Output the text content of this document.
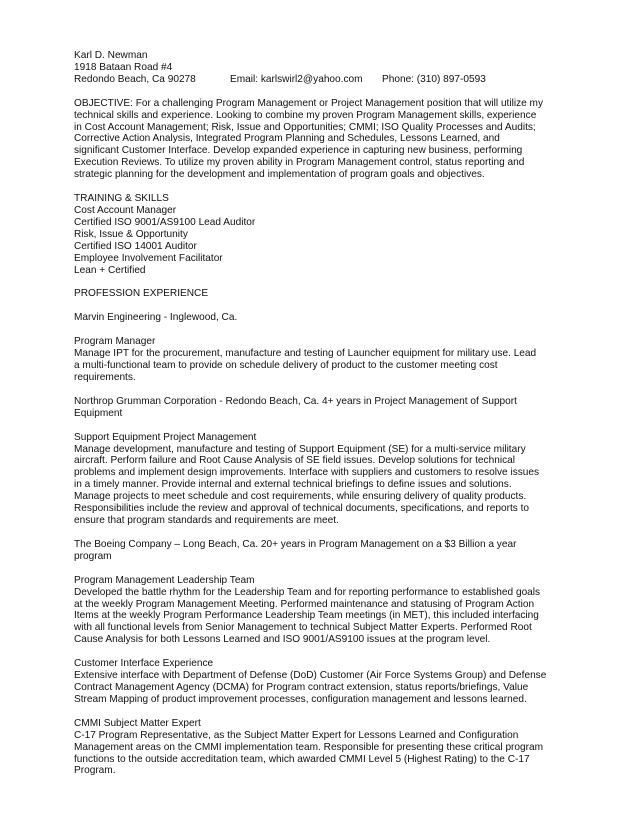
Karl D. Newman
1918 Bataan Road #4
Redondo Beach, Ca 90278	Email: karlswirl2@yahoo.com	Phone: (310) 897-0593
OBJECTIVE: For a challenging Program Management or Project Management position that will utilize my
technical skills and experience. Looking to combine my proven Program Management skills, experience
in Cost Account Management; Risk, Issue and Opportunities; CMMI; ISO Quality Processes and Audits;
Corrective Action Analysis, Integrated Program Planning and Schedules, Lessons Learned, and
significant Customer Interface. Develop expanded experience in capturing new business, performing
Execution Reviews. To utilize my proven ability in Program Management control, status reporting and
strategic planning for the development and implementation of program goals and objectives.
TRAINING & SKILLS
Cost Account Manager
Certified ISO 9001/AS9100 Lead Auditor
Risk, Issue & Opportunity
Certified ISO 14001 Auditor
Employee Involvement Facilitator
Lean + Certified
PROFESSION EXPERIENCE
Marvin Engineering - Inglewood, Ca.
Program Manager
Manage IPT for the procurement, manufacture and testing of Launcher equipment for military use. Lead
a multi-functional team to provide on schedule delivery of product to the customer meeting cost
requirements.
Northrop Grumman Corporation - Redondo Beach, Ca. 4+ years in Project Management of Support
Equipment
Support Equipment Project Management
Manage development, manufacture and testing of Support Equipment (SE) for a multi-service military
aircraft. Perform failure and Root Cause Analysis of SE field issues. Develop solutions for technical
problems and implement design improvements. Interface with suppliers and customers to resolve issues
in a timely manner. Provide internal and external technical briefings to define issues and solutions.
Manage projects to meet schedule and cost requirements, while ensuring delivery of quality products.
Responsibilities include the review and approval of technical documents, specifications, and reports to
ensure that program standards and requirements are meet.
The Boeing Company – Long Beach, Ca. 20+ years in Program Management on a $3 Billion a year
program
Program Management Leadership Team
Developed the battle rhythm for the Leadership Team and for reporting performance to established goals
at the weekly Program Management Meeting. Performed maintenance and statusing of Program Action
Items at the weekly Program Performance Leadership Team meetings (in MET), this included interfacing
with all functional levels from Senior Management to technical Subject Matter Experts. Performed Root
Cause Analysis for both Lessons Learned and ISO 9001/AS9100 issues at the program level.
Customer Interface Experience
Extensive interface with Department of Defense (DoD) Customer (Air Force Systems Group) and Defense
Contract Management Agency (DCMA) for Program contract extension, status reports/briefings, Value
Stream Mapping of product improvement processes, configuration management and lessons learned.
CMMI Subject Matter Expert
C-17 Program Representative, as the Subject Matter Expert for Lessons Learned and Configuration
Management areas on the CMMI implementation team. Responsible for presenting these critical program
functions to the outside accreditation team, which awarded CMMI Level 5 (Highest Rating) to the C-17
Program.
